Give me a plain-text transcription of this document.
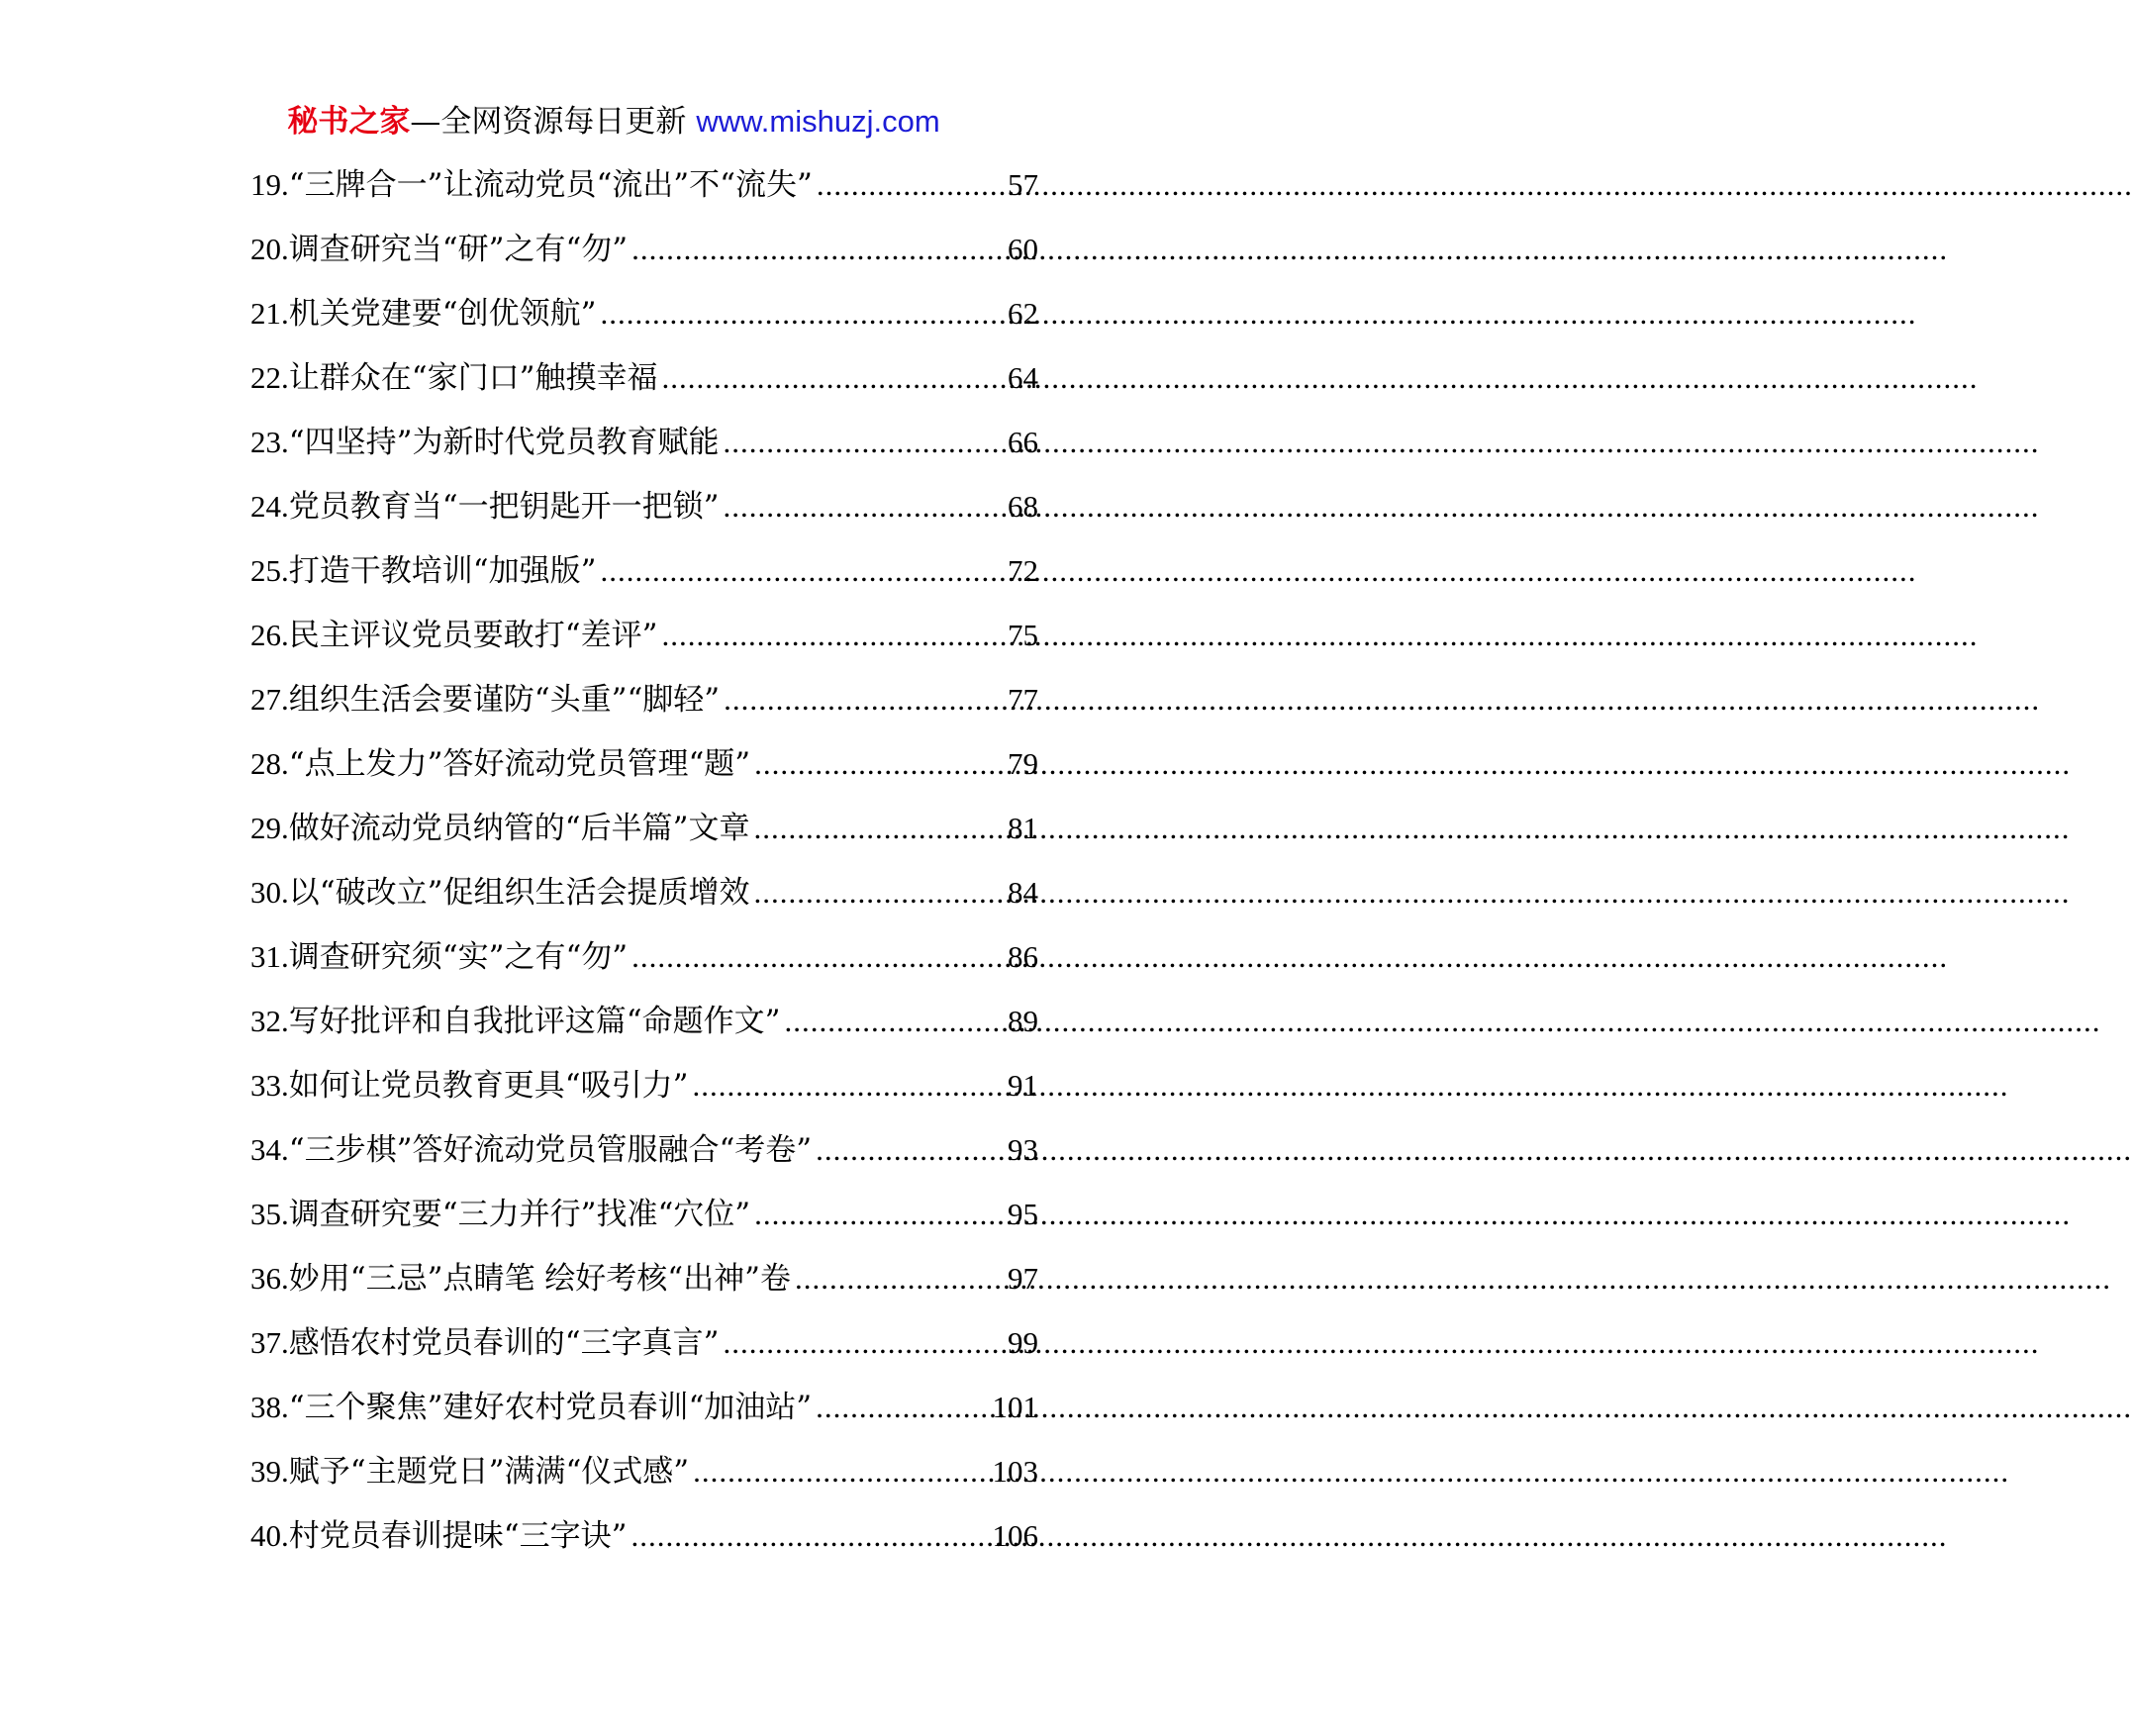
秘书之家—全网资源每日更新 www.mishuzj.com
19. “三牌合一”让流动党员“流出”不“流失” .....	57
20. 调查研究当“研”之有“勿” .....	60
21. 机关党建要“创优领航” .....	62
22. 让群众在“家门口”触摸幸福 .....	64
23. “四坚持”为新时代党员教育赋能 .....	66
24. 党员教育当“一把钥匙开一把锁” .....	68
25. 打造干教培训“加强版” .....	72
26. 民主评议党员要敢打“差评” .....	75
27. 组织生活会要谨防“头重”“脚轻” .....	77
28. “点上发力”答好流动党员管理“题” .....	79
29. 做好流动党员纳管的“后半篇”文章 .....	81
30. 以“破改立”促组织生活会提质增效 .....	84
31. 调查研究须“实”之有“勿” .....	86
32. 写好批评和自我批评这篇“命题作文” .....	89
33. 如何让党员教育更具“吸引力” .....	91
34. “三步棋”答好流动党员管服融合“考卷” .....	93
35. 调查研究要“三力并行”找准“穴位” .....	95
36. 妙用“三忌”点睛笔 绘好考核“出神”卷 .....	97
37. 感悟农村党员春训的“三字真言” .....	99
38. “三个聚焦”建好农村党员春训“加油站” .....	101
39. 赋予“主题党日”满满“仪式感” .....	103
40. 村党员春训提味“三字诀” .....	106
